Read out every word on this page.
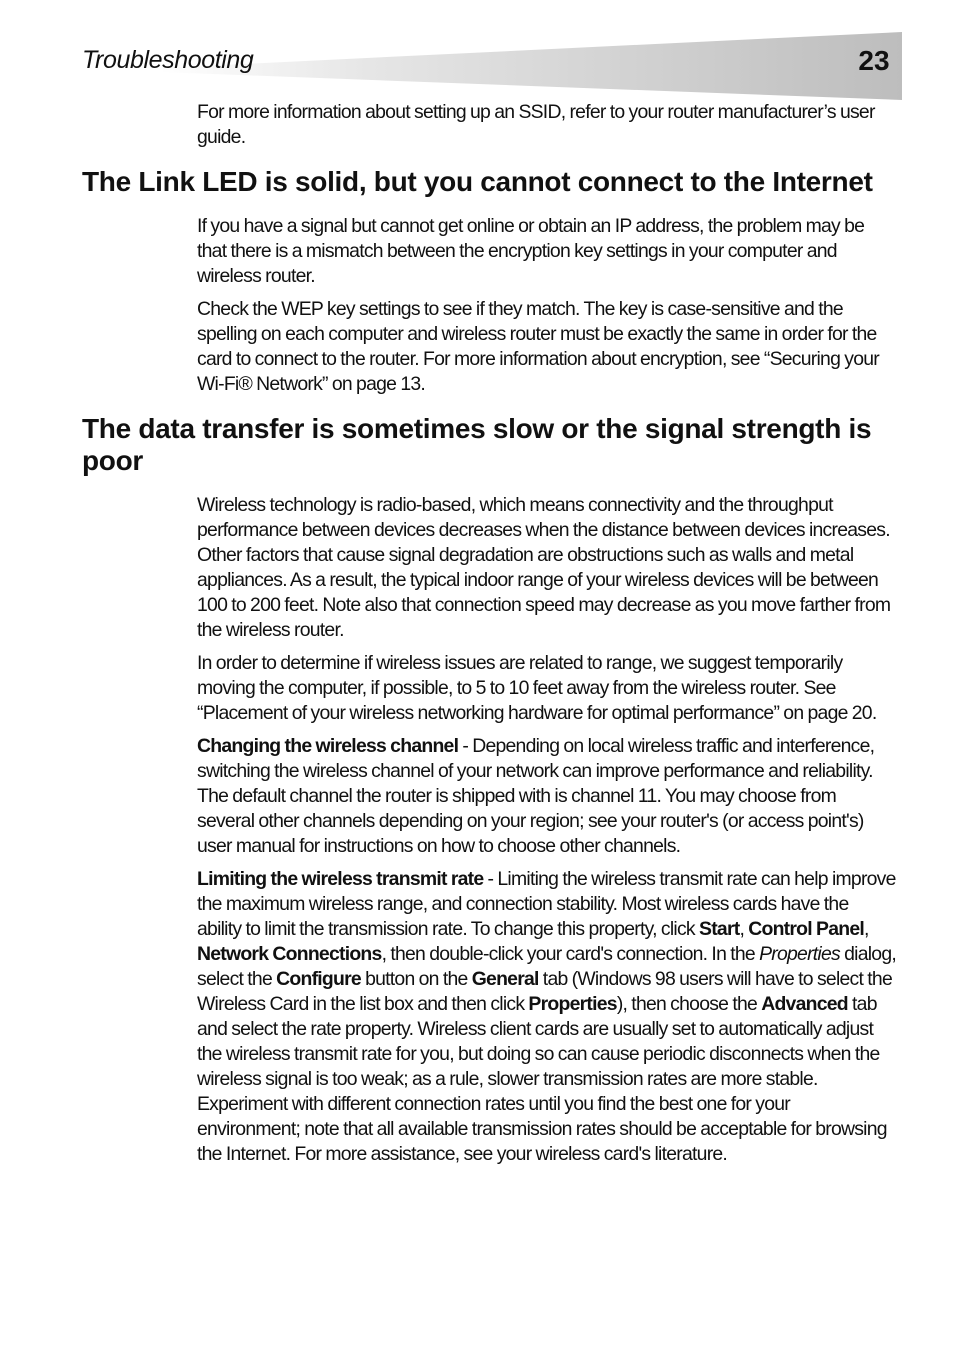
Troubleshooting	23

For more information about setting up an SSID, refer to your router manufacturer’s user guide.

The Link LED is solid, but you cannot connect to the Internet

If you have a signal but cannot get online or obtain an IP address, the problem may be that there is a mismatch between the encryption key settings in your computer and wireless router.

Check the WEP key settings to see if they match. The key is case-sensitive and the spelling on each computer and wireless router must be exactly the same in order for the card to connect to the router. For more information about encryption, see “Securing your Wi-Fi® Network” on page 13.

The data transfer is sometimes slow or the signal strength is poor

Wireless technology is radio-based, which means connectivity and the throughput performance between devices decreases when the distance between devices increases. Other factors that cause signal degradation are obstructions such as walls and metal appliances. As a result, the typical indoor range of your wireless devices will be between 100 to 200 feet. Note also that connection speed may decrease as you move farther from the wireless router.

In order to determine if wireless issues are related to range, we suggest temporarily moving the computer, if possible, to 5 to 10 feet away from the wireless router. See “Placement of your wireless networking hardware for optimal performance” on page 20.

Changing the wireless channel - Depending on local wireless traffic and interference, switching the wireless channel of your network can improve performance and reliability. The default channel the router is shipped with is channel 11. You may choose from several other channels depending on your region; see your router's (or access point's) user manual for instructions on how to choose other channels.

Limiting the wireless transmit rate - Limiting the wireless transmit rate can help improve the maximum wireless range, and connection stability. Most wireless cards have the ability to limit the transmission rate. To change this property, click Start, Control Panel, Network Connections, then double-click your card's connection. In the Properties dialog, select the Configure button on the General tab (Windows 98 users will have to select the Wireless Card in the list box and then click Properties), then choose the Advanced tab and select the rate property. Wireless client cards are usually set to automatically adjust the wireless transmit rate for you, but doing so can cause periodic disconnects when the wireless signal is too weak; as a rule, slower transmission rates are more stable. Experiment with different connection rates until you find the best one for your environment; note that all available transmission rates should be acceptable for browsing the Internet. For more assistance, see your wireless card's literature.
